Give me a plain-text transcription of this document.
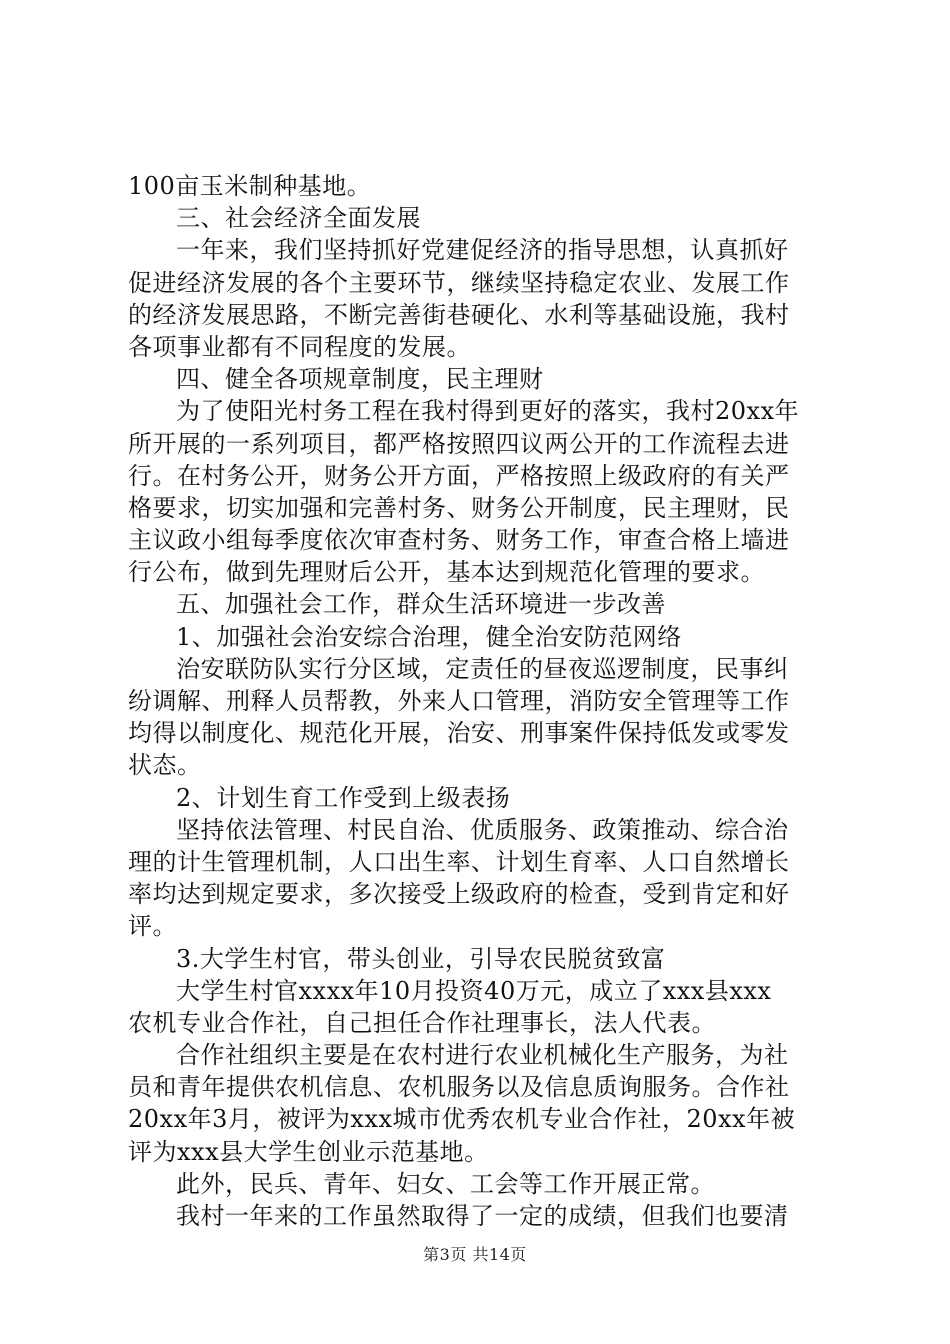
100亩玉米制种基地。
三、社会经济全面发展
一年来，我们坚持抓好党建促经济的指导思想，认真抓好
促进经济发展的各个主要环节，继续坚持稳定农业、发展工作
的经济发展思路，不断完善街巷硬化、水利等基础设施，我村
各项事业都有不同程度的发展。
四、健全各项规章制度，民主理财
为了使阳光村务工程在我村得到更好的落实，我村20xx年
所开展的一系列项目，都严格按照四议两公开的工作流程去进
行。在村务公开，财务公开方面，严格按照上级政府的有关严
格要求，切实加强和完善村务、财务公开制度，民主理财，民
主议政小组每季度依次审查村务、财务工作，审查合格上墙进
行公布，做到先理财后公开，基本达到规范化管理的要求。
五、加强社会工作，群众生活环境进一步改善
1、加强社会治安综合治理，健全治安防范网络
治安联防队实行分区域，定责任的昼夜巡逻制度，民事纠
纷调解、刑释人员帮教，外来人口管理，消防安全管理等工作
均得以制度化、规范化开展，治安、刑事案件保持低发或零发
状态。
2、计划生育工作受到上级表扬
坚持依法管理、村民自治、优质服务、政策推动、综合治
理的计生管理机制，人口出生率、计划生育率、人口自然增长
率均达到规定要求，多次接受上级政府的检查，受到肯定和好
评。
3.大学生村官，带头创业，引导农民脱贫致富
大学生村官xxxx年10月投资40万元，成立了xxx县xxx
农机专业合作社，自己担任合作社理事长，法人代表。
合作社组织主要是在农村进行农业机械化生产服务，为社
员和青年提供农机信息、农机服务以及信息质询服务。合作社
20xx年3月，被评为xxx城市优秀农机专业合作社，20xx年被
评为xxx县大学生创业示范基地。
此外，民兵、青年、妇女、工会等工作开展正常。
我村一年来的工作虽然取得了一定的成绩，但我们也要清
第3页 共14页
